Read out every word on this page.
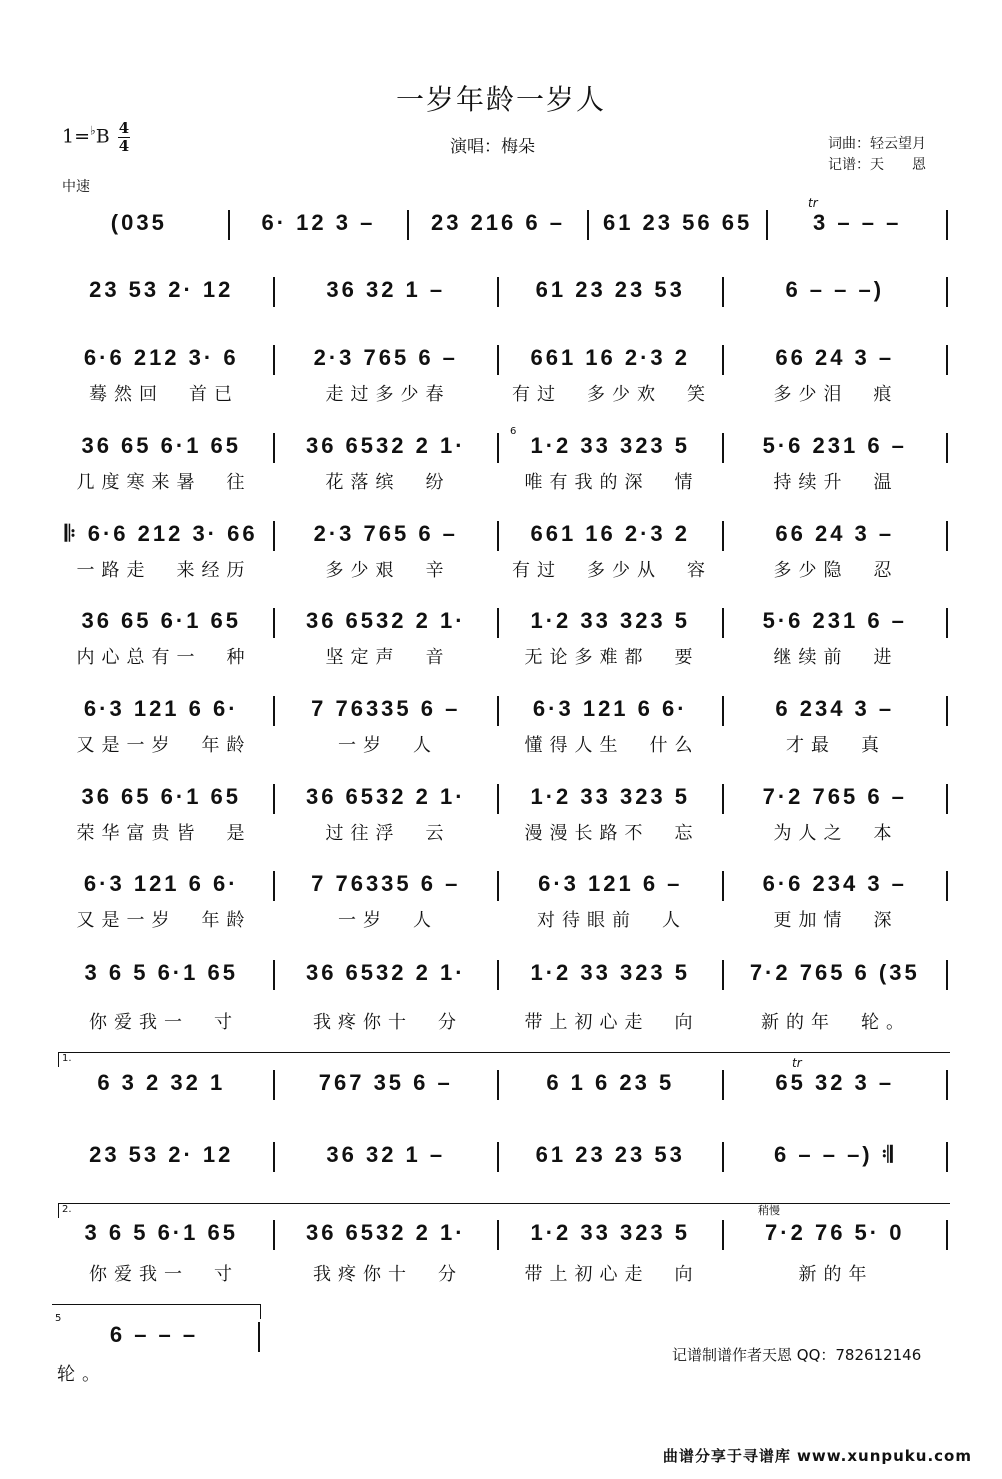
一岁年龄一岁人
$1=^♭B \frac{4}{4}$	演唱：梅朵	词曲：轻云望月
记谱：天　　恩
中速
tr
tr
稍慢
1.
2.
5
6
(035	6· 12 3 –	23 216 6 –	61 23 56 65	3 – – –
23 53 2· 12	36 32 1 –	61 23 23 53	6 – – –)
6·6 212 3· 6	2·3 765 6 –	661 16 2·3 2	66 24 3 –
蓦然回　首已	走过多少春	有过　多少欢　笑	多少泪　痕
36 65 6·1 65	36 6532 2 1·	1·2 33 323 5	5·6 231 6 –
几度寒来暑　往	花落缤　纷	唯有我的深　情	持续升　温
𝄆 6·6 212 3· 66	2·3 765 6 –	661 16 2·3 2	66 24 3 –
一路走　来经历	多少艰　辛	有过　多少从　容	多少隐　忍
36 65 6·1 65	36 6532 2 1·	1·2 33 323 5	5·6 231 6 –
内心总有一　种	坚定声　音	无论多难都　要	继续前　进
6·3 121 6 6·	7 76335 6 –	6·3 121 6 6·	6 234 3 –
又是一岁　年龄	一岁　人	懂得人生　什么	才最　真
36 65 6·1 65	36 6532 2 1·	1·2 33 323 5	7·2 765 6 –
荣华富贵皆　是	过往浮　云	漫漫长路不　忘	为人之　本
6·3 121 6 6·	7 76335 6 –	6·3 121 6 –	6·6 234 3 –
又是一岁　年龄	一岁　人	对待眼前　人	更加情　深
3 6 5 6·1 65	36 6532 2 1·	1·2 33 323 5	7·2 765 6 (35
你爱我一　寸	我疼你十　分	带上初心走　向	新的年　轮。
6 3 2 32 1	767 35 6 –	6 1 6 23 5	65 32 3 –
23 53 2· 12	36 32 1 –	61 23 23 53	6 – – –) 𝄇
3 6 5 6·1 65	36 6532 2 1·	1·2 33 323 5	7·2 76 5· 0
你爱我一　寸	我疼你十　分	带上初心走　向	新的年
6 – – –
轮。
记谱制谱作者天恩 QQ：782612146
曲谱分享于寻谱库 www.xunpuku.com
